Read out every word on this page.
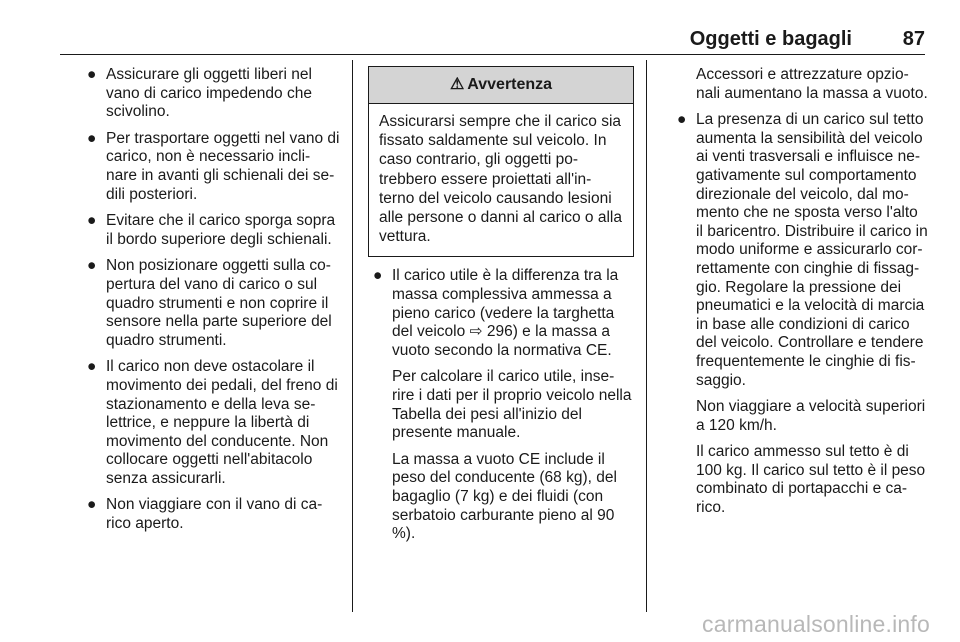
Oggetti e bagagli	87
● Assicurare gli oggetti liberi nel vano di carico impedendo che scivolino.
● Per trasportare oggetti nel vano di carico, non è necessario incli-nare in avanti gli schienali dei se-dili posteriori.
● Evitare che il carico sporga sopra il bordo superiore degli schienali.
● Non posizionare oggetti sulla co-pertura del vano di carico o sul quadro strumenti e non coprire il sensore nella parte superiore del quadro strumenti.
● Il carico non deve ostacolare il movimento dei pedali, del freno di stazionamento e della leva se-lettrice, e neppure la libertà di movimento del conducente. Non collocare oggetti nell'abitacolo senza assicurarli.
● Non viaggiare con il vano di ca-rico aperto.
⚠ Avvertenza
Assicurarsi sempre che il carico sia fissato saldamente sul veicolo. In caso contrario, gli oggetti po-trebbero essere proiettati all'in-terno del veicolo causando lesioni alle persone o danni al carico o alla vettura.
● Il carico utile è la differenza tra la massa complessiva ammessa a pieno carico (vedere la targhetta del veicolo ⇨ 296) e la massa a vuoto secondo la normativa CE.

Per calcolare il carico utile, inse-rire i dati per il proprio veicolo nella Tabella dei pesi all'inizio del presente manuale.

La massa a vuoto CE include il peso del conducente (68 kg), del bagaglio (7 kg) e dei fluidi (con serbatoio carburante pieno al 90 %).

Accessori e attrezzature opzio-nali aumentano la massa a vuoto.

● La presenza di un carico sul tetto aumenta la sensibilità del veicolo ai venti trasversali e influisce ne-gativamente sul comportamento direzionale del veicolo, dal mo-mento che ne sposta verso l'alto il baricentro. Distribuire il carico in modo uniforme e assicurarlo cor-rettamente con cinghie di fissag-gio. Regolare la pressione dei pneumatici e la velocità di marcia in base alle condizioni di carico del veicolo. Controllare e tendere frequentemente le cinghie di fis-saggio.

Non viaggiare a velocità superiori a 120 km/h.

Il carico ammesso sul tetto è di 100 kg. Il carico sul tetto è il peso combinato di portapacchi e ca-rico.

carmanualsonline.info
